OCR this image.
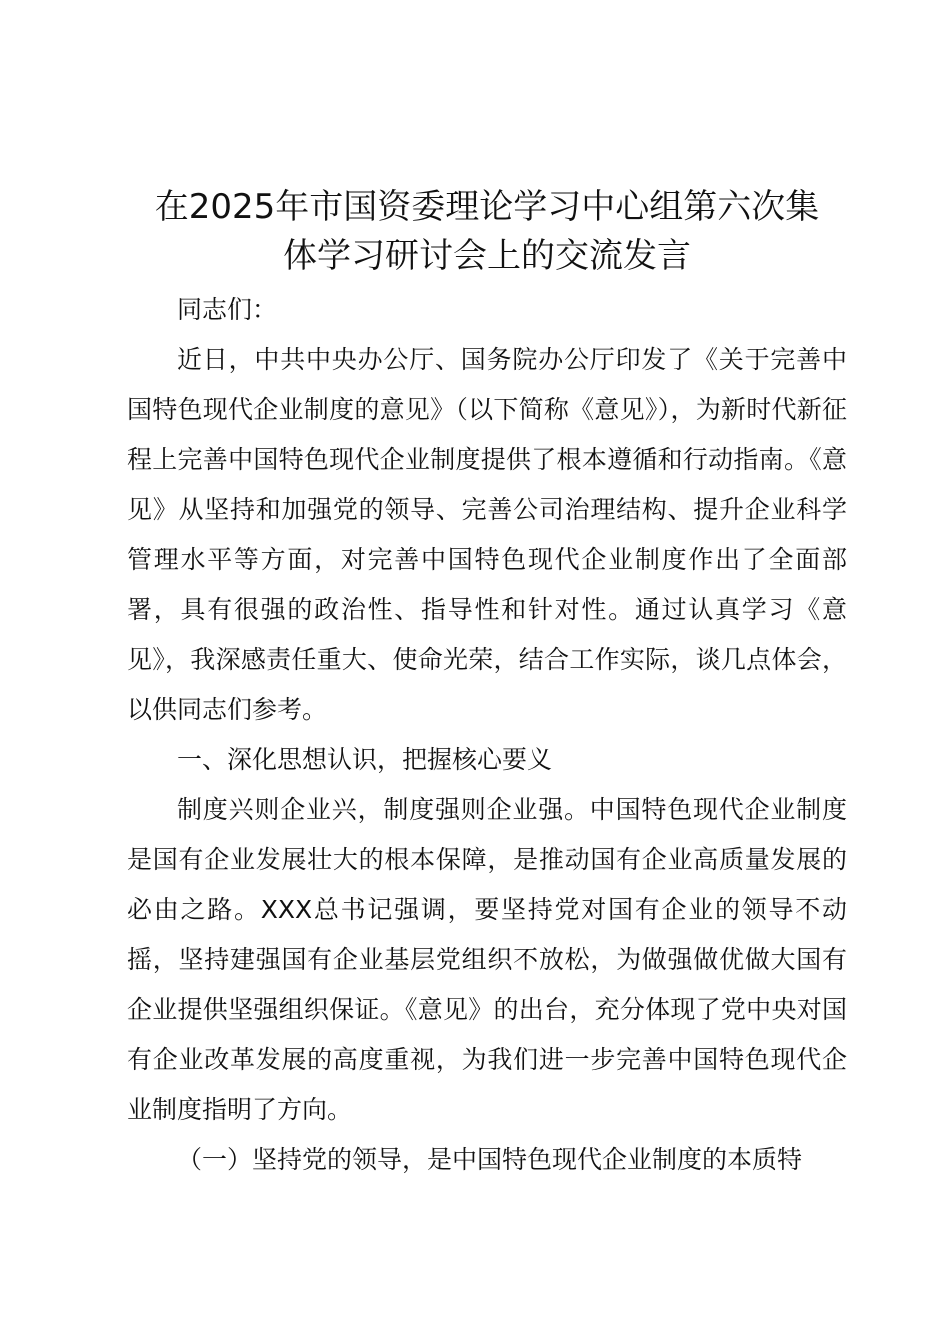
在2025年市国资委理论学习中心组第六次集
体学习研讨会上的交流发言

同志们：

近日，中共中央办公厅、国务院办公厅印发了《关于完善中国特色现代企业制度的意见》（以下简称《意见》），为新时代新征程上完善中国特色现代企业制度提供了根本遵循和行动指南。《意见》从坚持和加强党的领导、完善公司治理结构、提升企业科学管理水平等方面，对完善中国特色现代企业制度作出了全面部署，具有很强的政治性、指导性和针对性。通过认真学习《意见》，我深感责任重大、使命光荣，结合工作实际，谈几点体会，以供同志们参考。

一、深化思想认识，把握核心要义

制度兴则企业兴，制度强则企业强。中国特色现代企业制度是国有企业发展壮大的根本保障，是推动国有企业高质量发展的必由之路。XXX总书记强调，要坚持党对国有企业的领导不动摇，坚持建强国有企业基层党组织不放松，为做强做优做大国有企业提供坚强组织保证。《意见》的出台，充分体现了党中央对国有企业改革发展的高度重视，为我们进一步完善中国特色现代企业制度指明了方向。

（一）坚持党的领导，是中国特色现代企业制度的本质特
